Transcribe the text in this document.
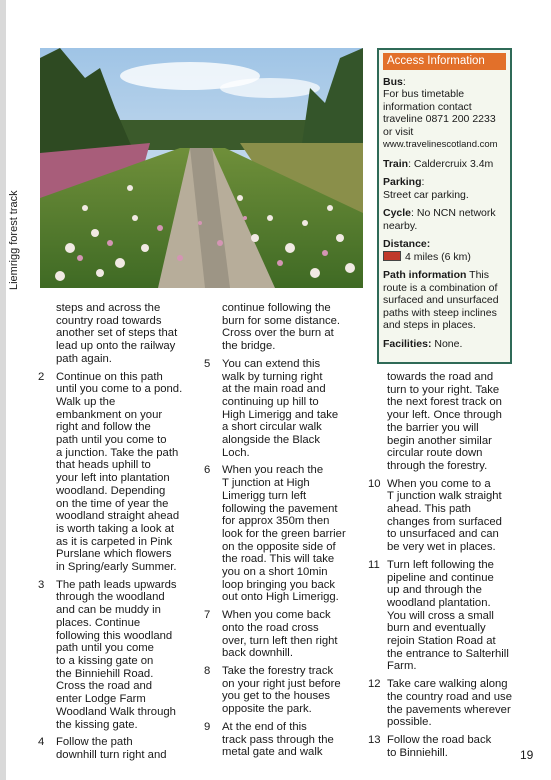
Liemrigg forest track
Access Information
Bus:
For bus timetable information contact traveline 0871 200 2233 or visit
www.travelinescotland.com
Train: Caldercruix 3.4m
Parking:
Street car parking.
Cycle: No NCN network nearby.
Distance:
4 miles (6 km)
Path information This route is a combination of surfaced and unsurfaced paths with steep inclines and steps in places.
Facilities: None.
steps and across the
country road towards
another set of steps that
lead up onto the railway
path again.
2 Continue on this path
until you come to a pond.
Walk up the
embankment on your
right and follow the
path until you come to
a junction. Take the path
that heads uphill to
your left into plantation
woodland. Depending
on the time of year the
woodland straight ahead
is worth taking a look at
as it is carpeted in Pink
Purslane which flowers
in Spring/early Summer.
3 The path leads upwards
through the woodland
and can be muddy in
places. Continue
following this woodland
path until you come
to a kissing gate on
the Binniehill Road.
Cross the road and
enter Lodge Farm
Woodland Walk through
the kissing gate.
4 Follow the path
downhill turn right and
continue following the
burn for some distance.
Cross over the burn at
the bridge.
5 You can extend this
walk by turning right
at the main road and
continuing up hill to
High Limerigg and take
a short circular walk
alongside the Black
Loch.
6 When you reach the
T junction at High
Limerigg turn left
following the pavement
for approx 350m then
look for the green barrier
on the opposite side of
the road. This will take
you on a short 10min
loop bringing you back
out onto High Limerigg.
7 When you come back
onto the road cross
over, turn left then right
back downhill.
8 Take the forestry track
on your right just before
you get to the houses
opposite the park.
9 At the end of this
track pass through the
metal gate and walk
towards the road and
turn to your right. Take
the next forest track on
your left. Once through
the barrier you will
begin another similar
circular route down
through the forestry.
10 When you come to a
T junction walk straight
ahead. This path
changes from surfaced
to unsurfaced and can
be very wet in places.
11 Turn left following the
pipeline and continue
up and through the
woodland plantation.
You will cross a small
burn and eventually
rejoin Station Road at
the entrance to Salterhill
Farm.
12 Take care walking along
the country road and use
the pavements wherever
possible.
13 Follow the road back
to Binniehill.	19
